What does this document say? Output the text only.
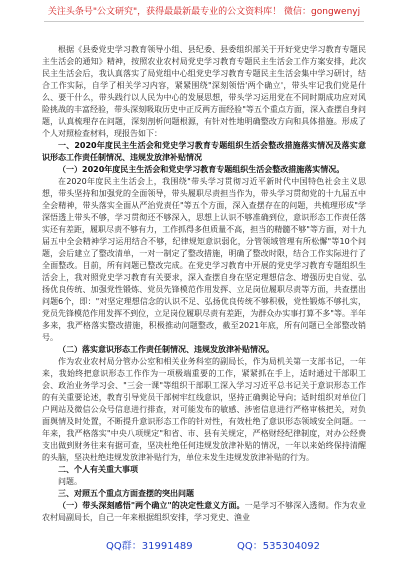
关注头条号"公文研究"，获得最最新最专业的公文资料库！ 微信：gongwenyj

根据《县委党史学习教育领导小组、县纪委、县委组织部关于开好党史学习教育专题民主生活会的通知》精神，按照农业农村局党史学习教育专题民主生活会工作方案安排，此次民主生活会后，我认真落实了局党组中心组党史学习教育专题民主生活会集中学习研讨，结合工作实际，自学了相关学习内容，紧紧围绕"深刻领悟'两个确立'，带头牢记我们党是什么、要干什么，带头践行以人民为中心的发展思想，带头学习运用党在不同时期成功应对风险挑战的丰富经验，带头深刻吸取历史中正反两方面经验"等五个重点方面，深入查摆自身问题，认真梳理存在问题，深刻剖析问题根源，有针对性地明确整改方向和具体措施。形成了个人对照检查材料，现报告如下：

一、2020年度民主生活会和党史学习教育专题组织生活会整改措施落实情况及落实意识形态工作责任制情况、违规发放津补贴情况

（一）2020年度民主生活会和党史学习教育专题组织生活会整改措施落实情况。

在2020年度民主生活会上，我围绕"带头学习贯彻习近平新时代中国特色社会主义思想，带头坚持和加强党的全面领导，带头履职尽责担当作为，带头学习贯彻党的十九届五中全会精神，带头落实全面从严治党责任"等五个方面，深入查摆存在的问题，共梳理形成"学深悟透上带头不够，学习贯彻还不够深入，思想上认识不够准确到位，意识形态工作责任落实还有差距，履职尽责不够有力，工作抓得多但质量不高，担当的精髓不够"等方面，对十九届五中全会精神学习运用结合不够，纪律规矩意识弱化，分管领域管理有所松懈"等10个问题，会后建立了整改清单，一对一制定了整改措施，明确了整改时限，结合工作实际进行了全面整改。目前，所有问题已整改完成。在党史学习教育中开展的党史学习教育专题组织生活会上，我对照党史学习教育有关要求，深入查摆自身在坚定理想信念、增强历史自觉、弘扬优良传统、加强党性锻炼、党员先锋模范作用发挥、立足岗位履职尽责等方面，共查摆出问题6个，即："对坚定理想信念的认识不足、弘扬优良传统不够积极，党性锻炼不够扎实，党员先锋模范作用发挥不到位，立足岗位履职尽责有差距，为群众办实事打算不多"等。半年多来，我严格落实整改措施，积极推动问题整改，截至2021年底，所有问题已全部整改销号。

（二）落实意识形态工作责任制情况、违规发放津补贴情况。

作为农业农村局分管办公室和相关业务科室的副局长，作为局机关第一支部书记，一年来，我始终把意识形态工作作为一项极端重要的工作，紧紧抓在手上，适时通过干部职工会、政治业务学习会、"三会一课"等组织干部职工深入学习习近平总书记关于意识形态工作的有关重要论述，教育引导党员干部树牢红线意识，坚持正确舆论导向；适时组织对单位门户网站及微信公众号信息进行排查，对可能发布的敏感、涉密信息进行严格审核把关，对负面舆情及时处置，不断提升意识形态工作的针对性，有效杜绝了意识形态领域安全问题。一年来，我严格落实"中央八项规定"和省、市、县有关规定，严格财经纪律制度，对办公经费支出做到财务往来有据可查，坚决杜绝任何违规发放津补贴的情况，一年以来始终保持清醒的头脑，坚决杜绝违规发放津补贴行为，单位未发生违规发放津补贴的行为。

二、个人有关重大事项

问题。

三、对照五个重点方面查摆的突出问题

（一）带头深刻感悟"两个确立"的决定性意义方面。一是学习不够深入透彻。作为农业农村局副局长，自己一年来根据组织安排，学习党史、渔业

QQ群：31991489	QQ：535304092
